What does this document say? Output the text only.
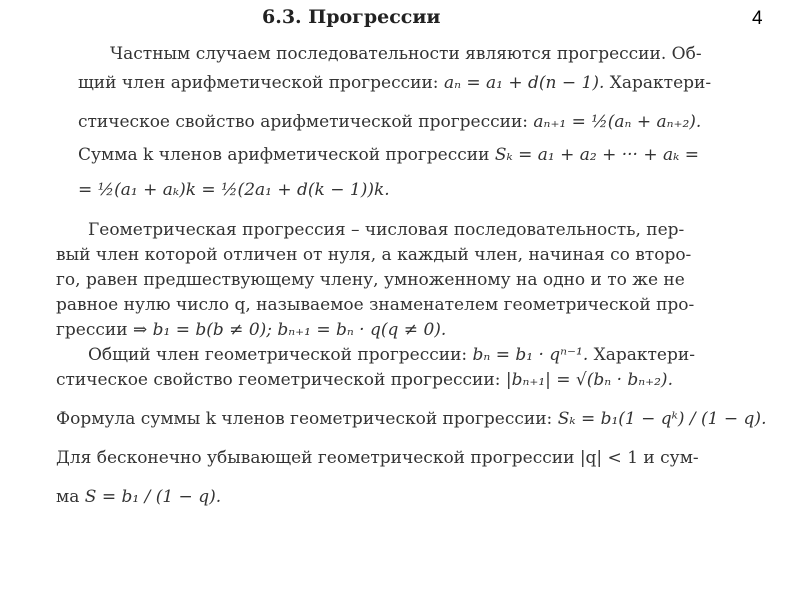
6.3. Прогрессии	4
Частным случаем последовательности являются прогрессии. Об-
щий член арифметической прогрессии: aₙ = a₁ + d(n − 1). Характери-
стическое свойство арифметической прогрессии: aₙ₊₁ = ½(aₙ + aₙ₊₂).
Сумма k членов арифметической прогрессии Sₖ = a₁ + a₂ + ··· + aₖ =
= ½(a₁ + aₖ)k = ½(2a₁ + d(k − 1))k.
Геометрическая прогрессия – числовая последовательность, пер-
вый член которой отличен от нуля, а каждый член, начиная со второ-
го, равен предшествующему члену, умноженному на одно и то же не
равное нулю число q, называемое знаменателем геометрической про-
грессии ⇒ b₁ = b(b ≠ 0); bₙ₊₁ = bₙ · q(q ≠ 0).
Общий член геометрической прогрессии: bₙ = b₁ · qⁿ⁻¹. Характери-
стическое свойство геометрической прогрессии: |bₙ₊₁| = √(bₙ · bₙ₊₂).
Формула суммы k членов геометрической прогрессии: Sₖ = b₁(1 − qᵏ) / (1 − q).
Для бесконечно убывающей геометрической прогрессии |q| < 1 и сум-
ма S = b₁ / (1 − q).
